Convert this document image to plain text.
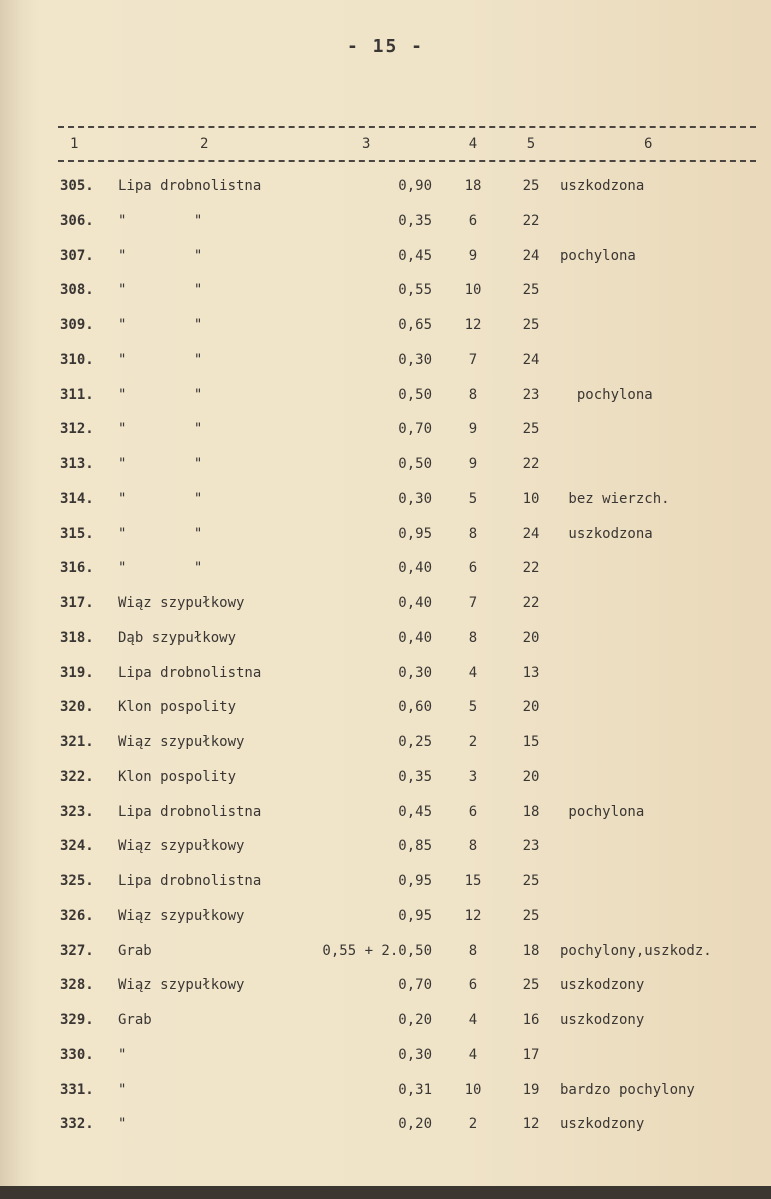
- 15 -
1	2	3	4	5	6
305. Lipa drobnolistna	0,90	18	25	uszkodzona
306. "        "	0,35	6	22
307. "        "	0,45	9	24	pochylona
308. "        "	0,55	10	25
309. "        "	0,65	12	25
310. "        "	0,30	7	24
311. "        "	0,50	8	23	pochylona
312. "        "	0,70	9	25
313. "        "	0,50	9	22
314. "        "	0,30	5	10	bez wierzch.
315. "        "	0,95	8	24	uszkodzona
316. "        "	0,40	6	22
317. Wiąz szypułkowy	0,40	7	22
318. Dąb szypułkowy	0,40	8	20
319. Lipa drobnolistna	0,30	4	13
320. Klon pospolity	0,60	5	20
321. Wiąz szypułkowy	0,25	2	15
322. Klon pospolity	0,35	3	20
323. Lipa drobnolistna	0,45	6	18	pochylona
324. Wiąz szypułkowy	0,85	8	23
325. Lipa drobnolistna	0,95	15	25
326. Wiąz szypułkowy	0,95	12	25
327. Grab	0,55 + 2.0,50	8	18	pochylony,uszkodz.
328. Wiąz szypułkowy	0,70	6	25	uszkodzony
329. Grab	0,20	4	16	uszkodzony
330. "	0,30	4	17
331. "	0,31	10	19	bardzo pochylony
332. "	0,20	2	12	uszkodzony
